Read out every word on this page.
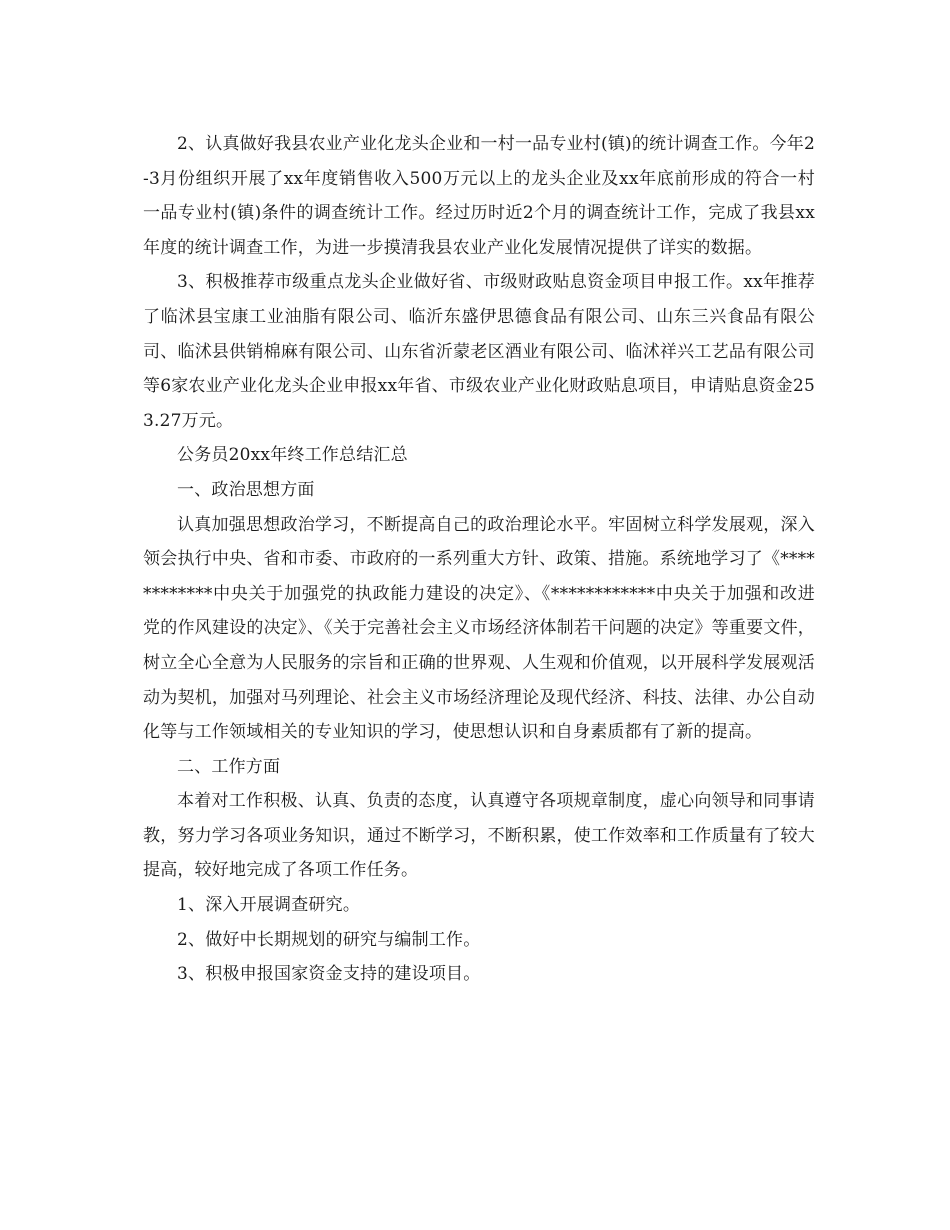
2、认真做好我县农业产业化龙头企业和一村一品专业村(镇)的统计调查工作。今年2-3月份组织开展了xx年度销售收入500万元以上的龙头企业及xx年底前形成的符合一村一品专业村(镇)条件的调查统计工作。经过历时近2个月的调查统计工作，完成了我县xx年度的统计调查工作，为进一步摸清我县农业产业化发展情况提供了详实的数据。

3、积极推荐市级重点龙头企业做好省、市级财政贴息资金项目申报工作。xx年推荐了临沭县宝康工业油脂有限公司、临沂东盛伊思德食品有限公司、山东三兴食品有限公司、临沭县供销棉麻有限公司、山东省沂蒙老区酒业有限公司、临沭祥兴工艺品有限公司等6家农业产业化龙头企业申报xx年省、市级农业产业化财政贴息项目，申请贴息资金253.27万元。

公务员20xx年终工作总结汇总

一、政治思想方面

认真加强思想政治学习，不断提高自己的政治理论水平。牢固树立科学发展观，深入领会执行中央、省和市委、市政府的一系列重大方针、政策、措施。系统地学习了《************中央关于加强党的执政能力建设的决定》、《************中央关于加强和改进党的作风建设的决定》、《关于完善社会主义市场经济体制若干问题的决定》等重要文件，树立全心全意为人民服务的宗旨和正确的世界观、人生观和价值观，以开展科学发展观活动为契机，加强对马列理论、社会主义市场经济理论及现代经济、科技、法律、办公自动化等与工作领域相关的专业知识的学习，使思想认识和自身素质都有了新的提高。

二、工作方面

本着对工作积极、认真、负责的态度，认真遵守各项规章制度，虚心向领导和同事请教，努力学习各项业务知识，通过不断学习，不断积累，使工作效率和工作质量有了较大提高，较好地完成了各项工作任务。

1、深入开展调查研究。

2、做好中长期规划的研究与编制工作。

3、积极申报国家资金支持的建设项目。
